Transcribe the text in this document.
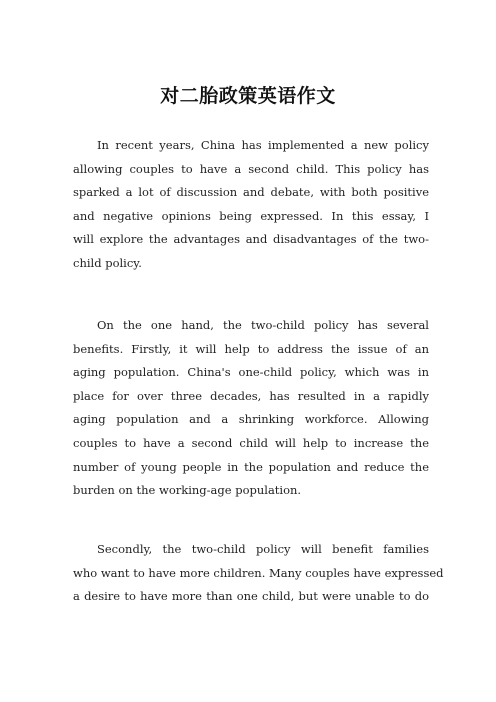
对二胎政策英语作文
In recent years, China has implemented a new policy
allowing couples to have a second child. This policy has
sparked a lot of discussion and debate, with both positive
and negative opinions being expressed. In this essay, I
will explore the advantages and disadvantages of the two-
child policy.
On the one hand, the two-child policy has several
benefits. Firstly, it will help to address the issue of an
aging population. China's one-child policy, which was in
place for over three decades, has resulted in a rapidly
aging population and a shrinking workforce. Allowing
couples to have a second child will help to increase the
number of young people in the population and reduce the
burden on the working-age population.
Secondly, the two-child policy will benefit families
who want to have more children. Many couples have expressed
a desire to have more than one child, but were unable to do
